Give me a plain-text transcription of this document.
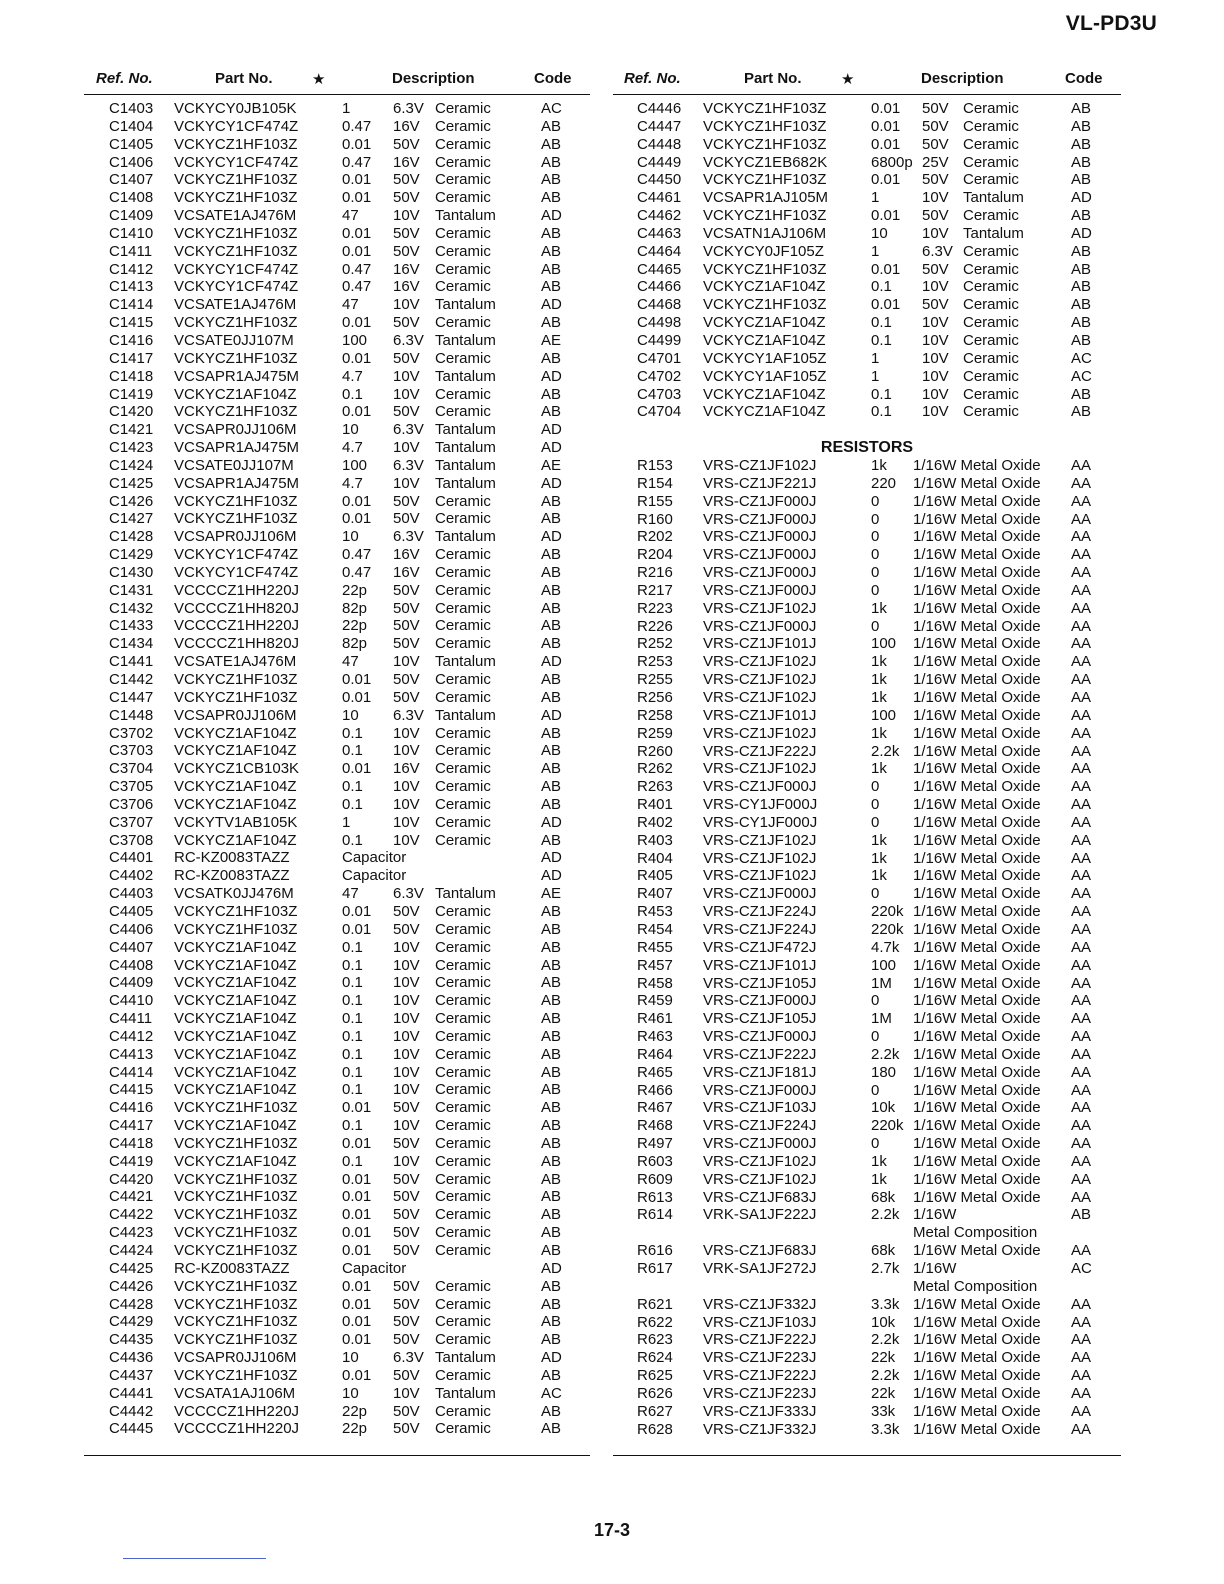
VL-PD3U
Ref. No.	Part No.	★	Description	Code
C1403 VCKYCY0JB105K	1	6.3V Ceramic	AC
C1404 VCKYCY1CF474Z	0.47 16V Ceramic	AB
C1405 VCKYCZ1HF103Z	0.01 50V Ceramic	AB
C1406 VCKYCY1CF474Z	0.47 16V Ceramic	AB
C1407 VCKYCZ1HF103Z	0.01 50V Ceramic	AB
C1408 VCKYCZ1HF103Z	0.01 50V Ceramic	AB
C1409 VCSATE1AJ476M	47 10V Tantalum	AD
C1410 VCKYCZ1HF103Z	0.01 50V Ceramic	AB
C1411 VCKYCZ1HF103Z	0.01 50V Ceramic	AB
C1412 VCKYCY1CF474Z	0.47 16V Ceramic	AB
C1413 VCKYCY1CF474Z	0.47 16V Ceramic	AB
C1414 VCSATE1AJ476M	47 10V Tantalum	AD
C1415 VCKYCZ1HF103Z	0.01 50V Ceramic	AB
C1416 VCSATE0JJ107M	100 6.3V Tantalum	AE
C1417 VCKYCZ1HF103Z	0.01 50V Ceramic	AB
C1418 VCSAPR1AJ475M	4.7 10V Tantalum	AD
C1419 VCKYCZ1AF104Z	0.1 10V Ceramic	AB
C1420 VCKYCZ1HF103Z	0.01 50V Ceramic	AB
C1421 VCSAPR0JJ106M	10 6.3V Tantalum	AD
C1423 VCSAPR1AJ475M	4.7 10V Tantalum	AD
C1424 VCSATE0JJ107M	100 6.3V Tantalum	AE
C1425 VCSAPR1AJ475M	4.7 10V Tantalum	AD
C1426 VCKYCZ1HF103Z	0.01 50V Ceramic	AB
C1427 VCKYCZ1HF103Z	0.01 50V Ceramic	AB
C1428 VCSAPR0JJ106M	10 6.3V Tantalum	AD
C1429 VCKYCY1CF474Z	0.47 16V Ceramic	AB
C1430 VCKYCY1CF474Z	0.47 16V Ceramic	AB
C1431 VCCCCZ1HH220J	22p 50V Ceramic	AB
C1432 VCCCCZ1HH820J	82p 50V Ceramic	AB
C1433 VCCCCZ1HH220J	22p 50V Ceramic	AB
C1434 VCCCCZ1HH820J	82p 50V Ceramic	AB
C1441 VCSATE1AJ476M	47 10V Tantalum	AD
C1442 VCKYCZ1HF103Z	0.01 50V Ceramic	AB
C1447 VCKYCZ1HF103Z	0.01 50V Ceramic	AB
C1448 VCSAPR0JJ106M	10 6.3V Tantalum	AD
C3702 VCKYCZ1AF104Z	0.1 10V Ceramic	AB
C3703 VCKYCZ1AF104Z	0.1 10V Ceramic	AB
C3704 VCKYCZ1CB103K	0.01 16V Ceramic	AB
C3705 VCKYCZ1AF104Z	0.1 10V Ceramic	AB
C3706 VCKYCZ1AF104Z	0.1 10V Ceramic	AB
C3707 VCKYTV1AB105K	1	10V Ceramic	AD
C3708 VCKYCZ1AF104Z	0.1 10V Ceramic	AB
C4401 RC-KZ0083TAZZ	Capacitor	AD
C4402 RC-KZ0083TAZZ	Capacitor	AD
C4403 VCSATK0JJ476M	47 6.3V Tantalum	AE
C4405 VCKYCZ1HF103Z	0.01 50V Ceramic	AB
C4406 VCKYCZ1HF103Z	0.01 50V Ceramic	AB
C4407 VCKYCZ1AF104Z	0.1 10V Ceramic	AB
C4408 VCKYCZ1AF104Z	0.1 10V Ceramic	AB
C4409 VCKYCZ1AF104Z	0.1 10V Ceramic	AB
C4410 VCKYCZ1AF104Z	0.1 10V Ceramic	AB
C4411 VCKYCZ1AF104Z	0.1 10V Ceramic	AB
C4412 VCKYCZ1AF104Z	0.1 10V Ceramic	AB
C4413 VCKYCZ1AF104Z	0.1 10V Ceramic	AB
C4414 VCKYCZ1AF104Z	0.1 10V Ceramic	AB
C4415 VCKYCZ1AF104Z	0.1 10V Ceramic	AB
C4416 VCKYCZ1HF103Z	0.01 50V Ceramic	AB
C4417 VCKYCZ1AF104Z	0.1 10V Ceramic	AB
C4418 VCKYCZ1HF103Z	0.01 50V Ceramic	AB
C4419 VCKYCZ1AF104Z	0.1 10V Ceramic	AB
C4420 VCKYCZ1HF103Z	0.01 50V Ceramic	AB
C4421 VCKYCZ1HF103Z	0.01 50V Ceramic	AB
C4422 VCKYCZ1HF103Z	0.01 50V Ceramic	AB
C4423 VCKYCZ1HF103Z	0.01 50V Ceramic	AB
C4424 VCKYCZ1HF103Z	0.01 50V Ceramic	AB
C4425 RC-KZ0083TAZZ	Capacitor	AD
C4426 VCKYCZ1HF103Z	0.01 50V Ceramic	AB
C4428 VCKYCZ1HF103Z	0.01 50V Ceramic	AB
C4429 VCKYCZ1HF103Z	0.01 50V Ceramic	AB
C4435 VCKYCZ1HF103Z	0.01 50V Ceramic	AB
C4436 VCSAPR0JJ106M	10 6.3V Tantalum	AD
C4437 VCKYCZ1HF103Z	0.01 50V Ceramic	AB
C4441 VCSATA1AJ106M	10 10V Tantalum	AC
C4442 VCCCCZ1HH220J	22p 50V Ceramic	AB
C4445 VCCCCZ1HH220J	22p 50V Ceramic	AB
Ref. No.	Part No.	★	Description	Code
C4446 VCKYCZ1HF103Z	0.01 50V Ceramic	AB
C4447 VCKYCZ1HF103Z	0.01 50V Ceramic	AB
C4448 VCKYCZ1HF103Z	0.01 50V Ceramic	AB
C4449 VCKYCZ1EB682K	6800p 25V Ceramic	AB
C4450 VCKYCZ1HF103Z	0.01 50V Ceramic	AB
C4461 VCSAPR1AJ105M	1	10V Tantalum	AD
C4462 VCKYCZ1HF103Z	0.01 50V Ceramic	AB
C4463 VCSATN1AJ106M	10 10V Tantalum	AD
C4464 VCKYCY0JF105Z	1	6.3V Ceramic	AB
C4465 VCKYCZ1HF103Z	0.01 50V Ceramic	AB
C4466 VCKYCZ1AF104Z	0.1 10V Ceramic	AB
C4468 VCKYCZ1HF103Z	0.01 50V Ceramic	AB
C4498 VCKYCZ1AF104Z	0.1 10V Ceramic	AB
C4499 VCKYCZ1AF104Z	0.1 10V Ceramic	AB
C4701 VCKYCY1AF105Z	1	10V Ceramic	AC
C4702 VCKYCY1AF105Z	1	10V Ceramic	AC
C4703 VCKYCZ1AF104Z	0.1 10V Ceramic	AB
C4704 VCKYCZ1AF104Z	0.1 10V Ceramic	AB
RESISTORS
R153 VRS-CZ1JF102J	1k 1/16W Metal Oxide AA
R154 VRS-CZ1JF221J	220 1/16W Metal Oxide AA
R155 VRS-CZ1JF000J	0 1/16W Metal Oxide AA
R160 VRS-CZ1JF000J	0 1/16W Metal Oxide AA
R202 VRS-CZ1JF000J	0 1/16W Metal Oxide AA
R204 VRS-CZ1JF000J	0 1/16W Metal Oxide AA
R216 VRS-CZ1JF000J	0 1/16W Metal Oxide AA
R217 VRS-CZ1JF000J	0 1/16W Metal Oxide AA
R223 VRS-CZ1JF102J	1k 1/16W Metal Oxide AA
R226 VRS-CZ1JF000J	0 1/16W Metal Oxide AA
R252 VRS-CZ1JF101J	100 1/16W Metal Oxide AA
R253 VRS-CZ1JF102J	1k 1/16W Metal Oxide AA
R255 VRS-CZ1JF102J	1k 1/16W Metal Oxide AA
R256 VRS-CZ1JF102J	1k 1/16W Metal Oxide AA
R258 VRS-CZ1JF101J	100 1/16W Metal Oxide AA
R259 VRS-CZ1JF102J	1k 1/16W Metal Oxide AA
R260 VRS-CZ1JF222J	2.2k 1/16W Metal Oxide AA
R262 VRS-CZ1JF102J	1k 1/16W Metal Oxide AA
R263 VRS-CZ1JF000J	0 1/16W Metal Oxide AA
R401 VRS-CY1JF000J	0 1/16W Metal Oxide AA
R402 VRS-CY1JF000J	0 1/16W Metal Oxide AA
R403 VRS-CZ1JF102J	1k 1/16W Metal Oxide AA
R404 VRS-CZ1JF102J	1k 1/16W Metal Oxide AA
R405 VRS-CZ1JF102J	1k 1/16W Metal Oxide AA
R407 VRS-CZ1JF000J	0 1/16W Metal Oxide AA
R453 VRS-CZ1JF224J	220k 1/16W Metal Oxide AA
R454 VRS-CZ1JF224J	220k 1/16W Metal Oxide AA
R455 VRS-CZ1JF472J	4.7k 1/16W Metal Oxide AA
R457 VRS-CZ1JF101J	100 1/16W Metal Oxide AA
R458 VRS-CZ1JF105J	1M 1/16W Metal Oxide AA
R459 VRS-CZ1JF000J	0 1/16W Metal Oxide AA
R461 VRS-CZ1JF105J	1M 1/16W Metal Oxide AA
R463 VRS-CZ1JF000J	0 1/16W Metal Oxide AA
R464 VRS-CZ1JF222J	2.2k 1/16W Metal Oxide AA
R465 VRS-CZ1JF181J	180 1/16W Metal Oxide AA
R466 VRS-CZ1JF000J	0 1/16W Metal Oxide AA
R467 VRS-CZ1JF103J	10k 1/16W Metal Oxide AA
R468 VRS-CZ1JF224J	220k 1/16W Metal Oxide AA
R497 VRS-CZ1JF000J	0 1/16W Metal Oxide AA
R603 VRS-CZ1JF102J	1k 1/16W Metal Oxide AA
R609 VRS-CZ1JF102J	1k 1/16W Metal Oxide AA
R613 VRS-CZ1JF683J	68k 1/16W Metal Oxide AA
R614 VRK-SA1JF222J	2.2k 1/16W	AB
Metal Composition
R616 VRS-CZ1JF683J	68k 1/16W Metal Oxide AA
R617 VRK-SA1JF272J	2.7k 1/16W	AC
Metal Composition
R621 VRS-CZ1JF332J	3.3k 1/16W Metal Oxide AA
R622 VRS-CZ1JF103J	10k 1/16W Metal Oxide AA
R623 VRS-CZ1JF222J	2.2k 1/16W Metal Oxide AA
R624 VRS-CZ1JF223J	22k 1/16W Metal Oxide AA
R625 VRS-CZ1JF222J	2.2k 1/16W Metal Oxide AA
R626 VRS-CZ1JF223J	22k 1/16W Metal Oxide AA
R627 VRS-CZ1JF333J	33k 1/16W Metal Oxide AA
R628 VRS-CZ1JF332J	3.3k 1/16W Metal Oxide AA
17-3
